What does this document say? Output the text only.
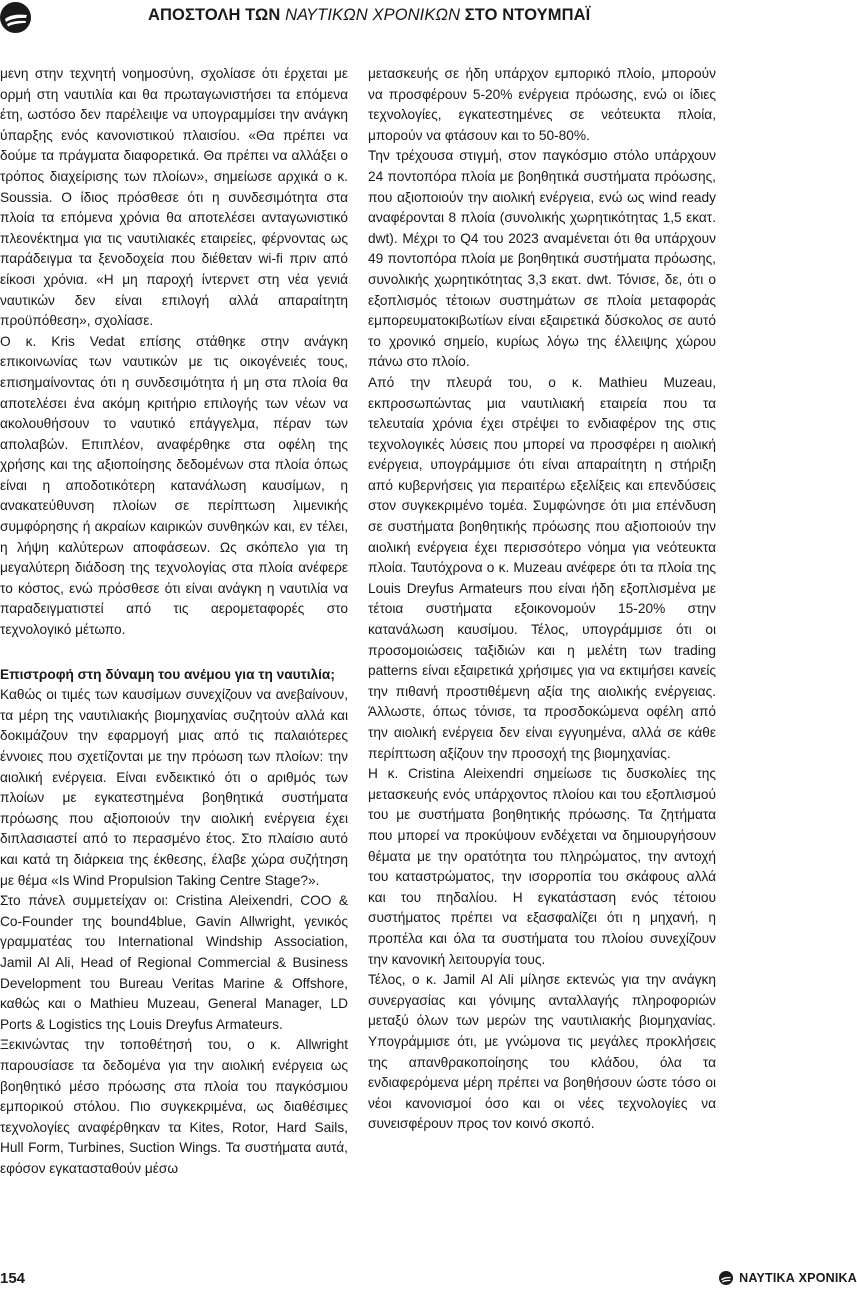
ΑΠΟΣΤΟΛΗ ΤΩΝ ΝΑΥΤΙΚΩΝ ΧΡΟΝΙΚΩΝ ΣΤΟ ΝΤΟΥΜΠΑΪ

μενη στην τεχνητή νοημοσύνη, σχολίασε ότι έρχεται με ορμή στη ναυτιλία και θα πρωταγωνιστήσει τα επόμενα έτη, ωστόσο δεν παρέλειψε να υπογραμμίσει την ανάγκη ύπαρξης ενός κανονιστικού πλαισίου. «Θα πρέπει να δούμε τα πράγματα διαφορετικά. Θα πρέπει να αλλάξει ο τρόπος διαχείρισης των πλοίων», σημείωσε αρχικά ο κ. Soussia. Ο ίδιος πρόσθεσε ότι η συνδεσιμότητα στα πλοία τα επόμενα χρόνια θα αποτελέσει ανταγωνιστικό πλεονέκτημα για τις ναυτιλιακές εταιρείες, φέρνοντας ως παράδειγμα τα ξενοδοχεία που διέθεταν wi-fi πριν από είκοσι χρόνια. «Η μη παροχή ίντερνετ στη νέα γενιά ναυτικών δεν είναι επιλογή αλλά απαραίτητη προϋπόθεση», σχολίασε.

Ο κ. Kris Vedat επίσης στάθηκε στην ανάγκη επικοινωνίας των ναυτικών με τις οικογένειές τους, επισημαίνοντας ότι η συνδεσιμότητα ή μη στα πλοία θα αποτελέσει ένα ακόμη κριτήριο επιλογής των νέων να ακολουθήσουν το ναυτικό επάγγελμα, πέραν των απολαβών. Επιπλέον, αναφέρθηκε στα οφέλη της χρήσης και της αξιοποίησης δεδομένων στα πλοία όπως είναι η αποδοτικότερη κατανάλωση καυσίμων, η ανακατεύθυνση πλοίων σε περίπτωση λιμενικής συμφόρησης ή ακραίων καιρικών συνθηκών και, εν τέλει, η λήψη καλύτερων αποφάσεων. Ως σκόπελο για τη μεγαλύτερη διάδοση της τεχνολογίας στα πλοία ανέφερε το κόστος, ενώ πρόσθεσε ότι είναι ανάγκη η ναυτιλία να παραδειγματιστεί από τις αερομεταφορές στο τεχνολογικό μέτωπο.

Επιστροφή στη δύναμη του ανέμου για τη ναυτιλία;

Καθώς οι τιμές των καυσίμων συνεχίζουν να ανεβαίνουν, τα μέρη της ναυτιλιακής βιομηχανίας συζητούν αλλά και δοκιμάζουν την εφαρμογή μιας από τις παλαιότερες έννοιες που σχετίζονται με την πρόωση των πλοίων: την αιολική ενέργεια. Είναι ενδεικτικό ότι ο αριθμός των πλοίων με εγκατεστημένα βοηθητικά συστήματα πρόωσης που αξιοποιούν την αιολική ενέργεια έχει διπλασιαστεί από το περασμένο έτος. Στο πλαίσιο αυτό και κατά τη διάρκεια της έκθεσης, έλαβε χώρα συζήτηση με θέμα «Is Wind Propulsion Taking Centre Stage?».

Στο πάνελ συμμετείχαν οι: Cristina Aleixendri, COO & Co-Founder της bound4blue, Gavin Allwright, γενικός γραμματέας του International Windship Association, Jamil Al Ali, Head of Regional Commercial & Business Development του Bureau Veritas Marine & Offshore, καθώς και ο Mathieu Muzeau, General Manager, LD Ports & Logistics της Louis Dreyfus Armateurs.

Ξεκινώντας την τοποθέτησή του, ο κ. Allwright παρουσίασε τα δεδομένα για την αιολική ενέργεια ως βοηθητικό μέσο πρόωσης στα πλοία του παγκόσμιου εμπορικού στόλου. Πιο συγκεκριμένα, ως διαθέσιμες τεχνολογίες αναφέρθηκαν τα Kites, Rotor, Hard Sails, Hull Form, Turbines, Suction Wings. Τα συστήματα αυτά, εφόσον εγκατασταθούν μέσω

μετασκευής σε ήδη υπάρχον εμπορικό πλοίο, μπορούν να προσφέρουν 5-20% ενέργεια πρόωσης, ενώ οι ίδιες τεχνολογίες, εγκατεστημένες σε νεότευκτα πλοία, μπορούν να φτάσουν και το 50-80%.

Την τρέχουσα στιγμή, στον παγκόσμιο στόλο υπάρχουν 24 ποντοπόρα πλοία με βοηθητικά συστήματα πρόωσης, που αξιοποιούν την αιολική ενέργεια, ενώ ως wind ready αναφέρονται 8 πλοία (συνολικής χωρητικότητας 1,5 εκατ. dwt). Μέχρι το Q4 του 2023 αναμένεται ότι θα υπάρχουν 49 ποντοπόρα πλοία με βοηθητικά συστήματα πρόωσης, συνολικής χωρητικότητας 3,3 εκατ. dwt. Τόνισε, δε, ότι ο εξοπλισμός τέτοιων συστημάτων σε πλοία μεταφοράς εμπορευματοκιβωτίων είναι εξαιρετικά δύσκολος σε αυτό το χρονικό σημείο, κυρίως λόγω της έλλειψης χώρου πάνω στο πλοίο.

Από την πλευρά του, ο κ. Mathieu Muzeau, εκπροσωπώντας μια ναυτιλιακή εταιρεία που τα τελευταία χρόνια έχει στρέψει το ενδιαφέρον της στις τεχνολογικές λύσεις που μπορεί να προσφέρει η αιολική ενέργεια, υπογράμμισε ότι είναι απαραίτητη η στήριξη από κυβερνήσεις για περαιτέρω εξελίξεις και επενδύσεις στον συγκεκριμένο τομέα. Συμφώνησε ότι μια επένδυση σε συστήματα βοηθητικής πρόωσης που αξιοποιούν την αιολική ενέργεια έχει περισσότερο νόημα για νεότευκτα πλοία. Ταυτόχρονα ο κ. Muzeau ανέφερε ότι τα πλοία της Louis Dreyfus Armateurs που είναι ήδη εξοπλισμένα με τέτοια συστήματα εξοικονομούν 15-20% στην κατανάλωση καυσίμου. Τέλος, υπογράμμισε ότι οι προσομοιώσεις ταξιδιών και η μελέτη των trading patterns είναι εξαιρετικά χρήσιμες για να εκτιμήσει κανείς την πιθανή προστιθέμενη αξία της αιολικής ενέργειας. Άλλωστε, όπως τόνισε, τα προσδοκώμενα οφέλη από την αιολική ενέργεια δεν είναι εγγυημένα, αλλά σε κάθε περίπτωση αξίζουν την προσοχή της βιομηχανίας.

Η κ. Cristina Aleixendri σημείωσε τις δυσκολίες της μετασκευής ενός υπάρχοντος πλοίου και του εξοπλισμού του με συστήματα βοηθητικής πρόωσης. Τα ζητήματα που μπορεί να προκύψουν ενδέχεται να δημιουργήσουν θέματα με την ορατότητα του πληρώματος, την αντοχή του καταστρώματος, την ισορροπία του σκάφους αλλά και του πηδαλίου. Η εγκατάσταση ενός τέτοιου συστήματος πρέπει να εξασφαλίζει ότι η μηχανή, η προπέλα και όλα τα συστήματα του πλοίου συνεχίζουν την κανονική λειτουργία τους.

Τέλος, ο κ. Jamil Al Ali μίλησε εκτενώς για την ανάγκη συνεργασίας και γόνιμης ανταλλαγής πληροφοριών μεταξύ όλων των μερών της ναυτιλιακής βιομηχανίας. Υπογράμμισε ότι, με γνώμονα τις μεγάλες προκλήσεις της απανθρακοποίησης του κλάδου, όλα τα ενδιαφερόμενα μέρη πρέπει να βοηθήσουν ώστε τόσο οι νέοι κανονισμοί όσο και οι νέες τεχνολογίες να συνεισφέρουν προς τον κοινό σκοπό.

154	ΝΑΥΤΙΚΑ ΧΡΟΝΙΚΑ
